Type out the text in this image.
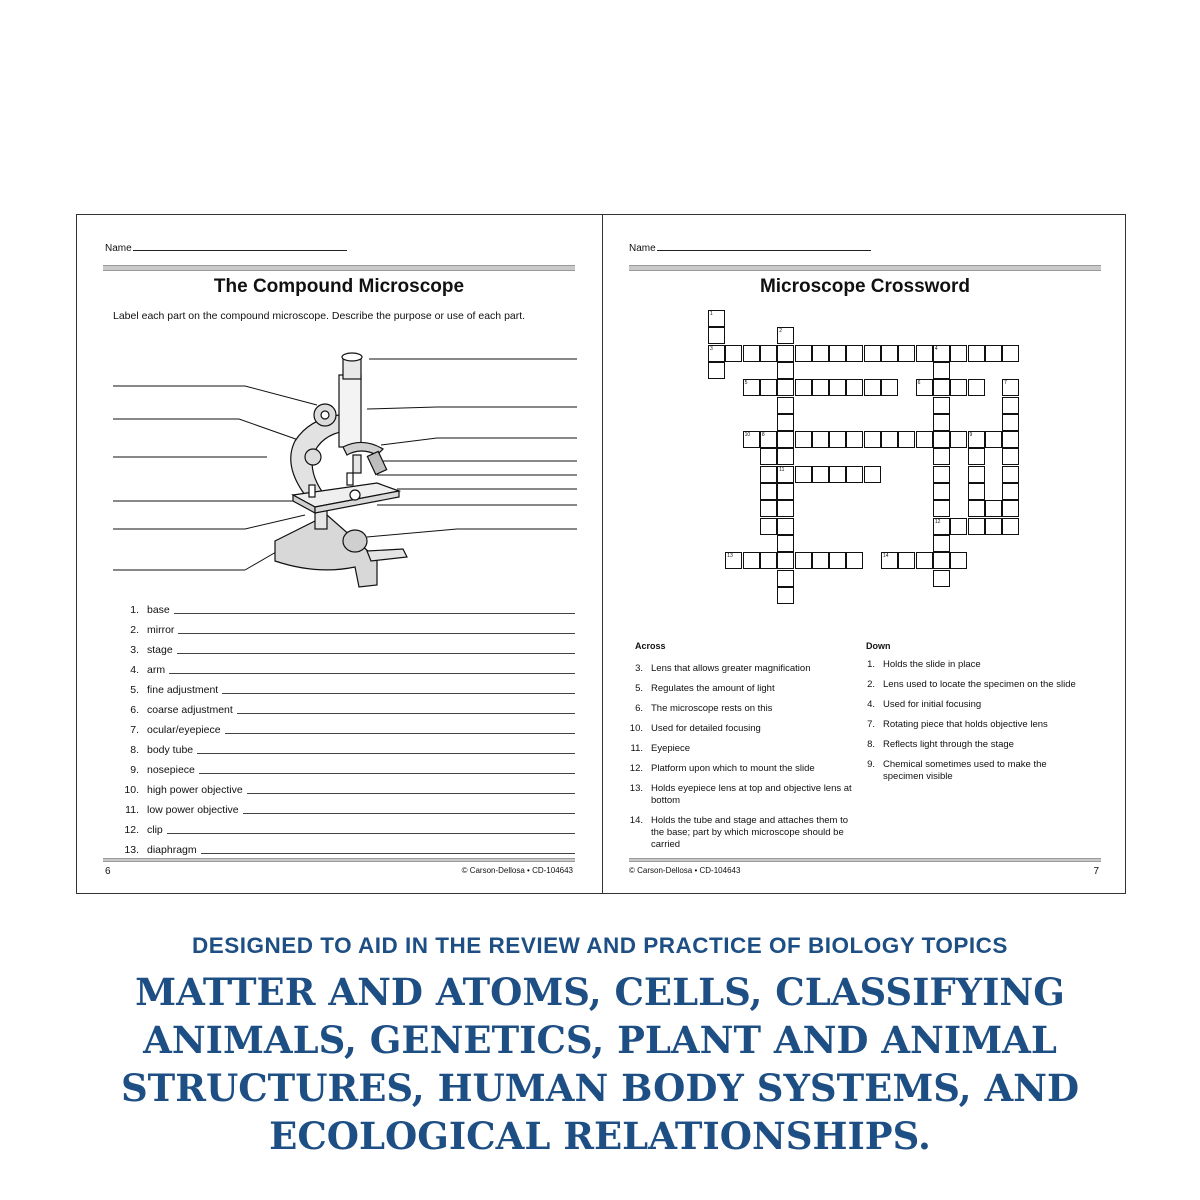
Name
The Compound Microscope
Label each part on the compound microscope. Describe the purpose or use of each part.
1. base
2. mirror
3. stage
4. arm
5. fine adjustment
6. coarse adjustment
7. ocular/eyepiece
8. body tube
9. nosepiece
10. high power objective
11. low power objective
12. clip
13. diaphragm
6	© Carson-Dellosa • CD-104643
Name
Microscope Crossword
1
3
2
11
4
12
5	6	7
8	9
10
13	14
Across	Down
3. Lens that allows greater magnification
5. Regulates the amount of light
6. The microscope rests on this
10. Used for detailed focusing
11. Eyepiece
12. Platform upon which to mount the slide
13. Holds eyepiece lens at top and objective lens at bottom
14. Holds the tube and stage and attaches them to the base; part by which microscope should be carried
1. Holds the slide in place
2. Lens used to locate the specimen on the slide
4. Used for initial focusing
7. Rotating piece that holds objective lens
8. Reflects light through the stage
9. Chemical sometimes used to make the specimen visible
© Carson-Dellosa • CD-104643	7
DESIGNED TO AID IN THE REVIEW AND PRACTICE OF BIOLOGY TOPICS
MATTER AND ATOMS, CELLS, CLASSIFYING ANIMALS, GENETICS, PLANT AND ANIMAL STRUCTURES, HUMAN BODY SYSTEMS, AND ECOLOGICAL RELATIONSHIPS.
